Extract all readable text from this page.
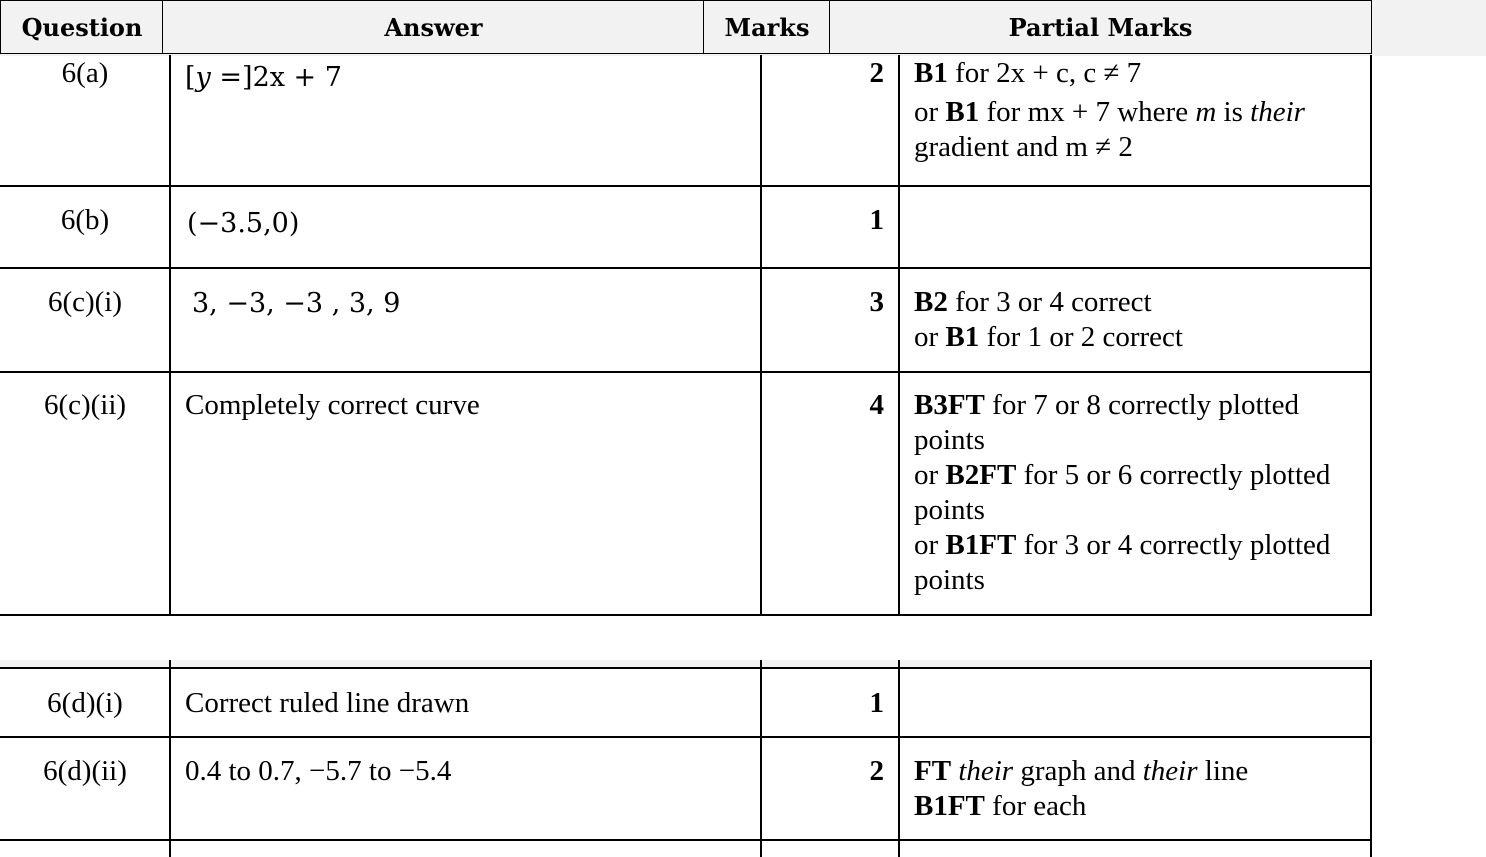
Question	Answer	Marks	Partial Marks
6(a)	[y =]2x + 7	2 B1 for 2x + c, c ≠ 7
or B1 for mx + 7 where m is their
gradient and m ≠ 2
6(b)	(−3.5,0)	1
6(c)(i)	3, −3, −3 , 3, 9	3 B2 for 3 or 4 correct
or B1 for 1 or 2 correct
6(c)(ii)	Completely correct curve	4 B3FT for 7 or 8 correctly plotted points
or B2FT for 5 or 6 correctly plotted points
or B1FT for 3 or 4 correctly plotted points
6(d)(i)	Correct ruled line drawn	1
6(d)(ii)	0.4 to 0.7, −5.7 to −5.4	2 FT their graph and their line
B1FT for each
